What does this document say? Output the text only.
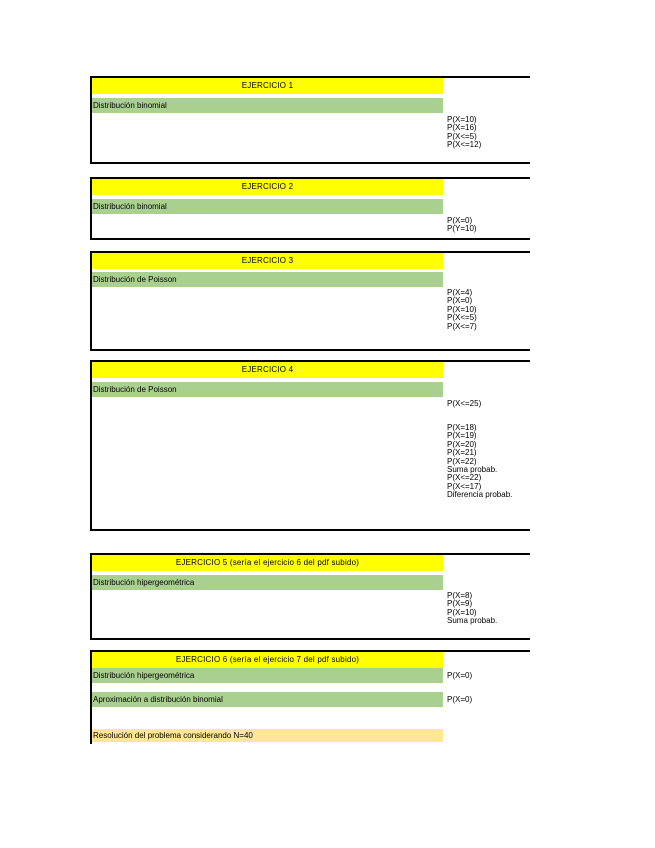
EJERCICIO 1
Distribución binomial
P(X=10)
P(X=16)
P(X<=5)
P(X<=12)
EJERCICIO 2
Distribución binomial
P(X=0)
P(Y=10)
EJERCICIO 3
Distribución de Poisson
P(X=4)
P(X=0)
P(X=10)
P(X<=5)
P(X<=7)
EJERCICIO 4
Distribución de Poisson
P(X<=25)
P(X=18)
P(X=19)
P(X=20)
P(X=21)
P(X=22)
Suma probab.
P(X<=22)
P(X<=17)
Diferencia probab.
EJERCICIO 5 (sería el ejercicio 6 del pdf subido)
Distribución hipergeométrica
P(X=8)
P(X=9)
P(X=10)
Suma probab.
EJERCICIO 6 (sería el ejercicio 7 del pdf subido)
Distribución hipergeométrica	P(X=0)
Aproximación a distribución binomial	P(X=0)
Resolución del problema considerando N=40
